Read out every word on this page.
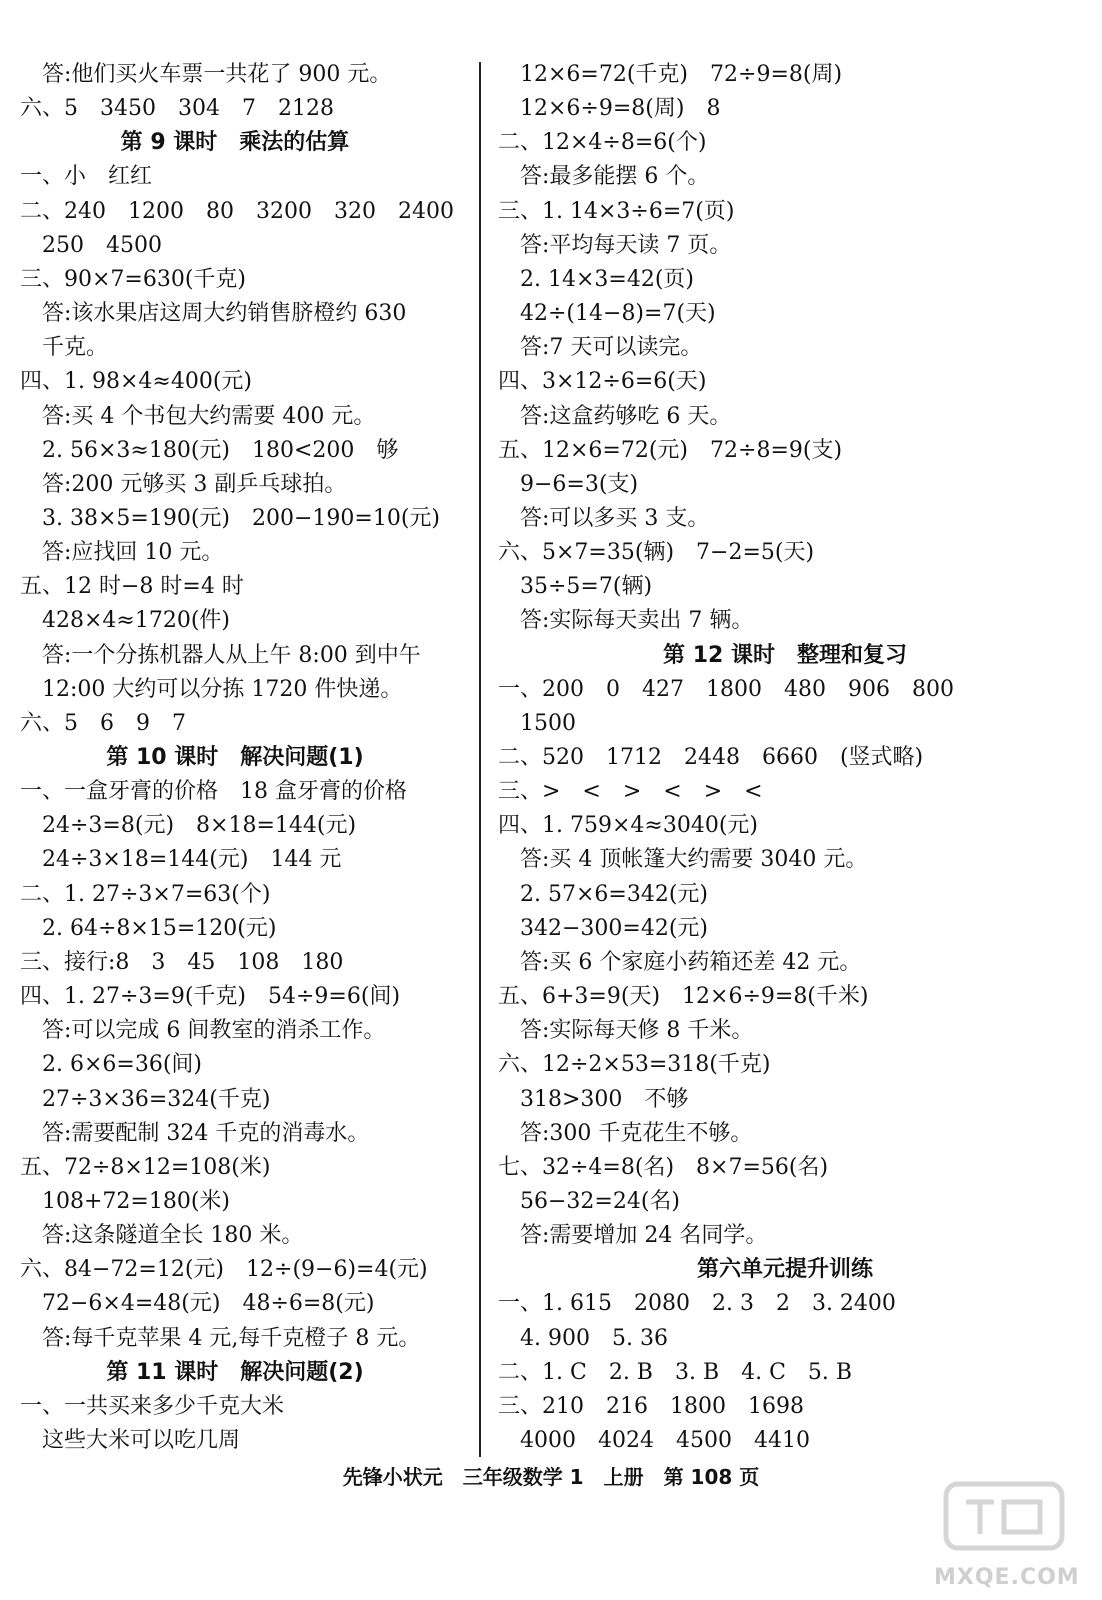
　答:他们买火车票一共花了 900 元。
六、5　3450　304　7　2128
第 9 课时　乘法的估算
一、小　红红
二、240　1200　80　3200　320　2400
　250　4500
三、90×7=630(千克)
　答:该水果店这周大约销售脐橙约 630
　千克。
四、1. 98×4≈400(元)
　答:买 4 个书包大约需要 400 元。
　2. 56×3≈180(元)　180<200　够
　答:200 元够买 3 副乒乓球拍。
　3. 38×5=190(元)　200−190=10(元)
　答:应找回 10 元。
五、12 时−8 时=4 时
　428×4≈1720(件)
　答:一个分拣机器人从上午 8:00 到中午
　12:00 大约可以分拣 1720 件快递。
六、5　6　9　7
第 10 课时　解决问题(1)
一、一盒牙膏的价格　18 盒牙膏的价格
　24÷3=8(元)　8×18=144(元)
　24÷3×18=144(元)　144 元
二、1. 27÷3×7=63(个)
　2. 64÷8×15=120(元)
三、接行:8　3　45　108　180
四、1. 27÷3=9(千克)　54÷9=6(间)
　答:可以完成 6 间教室的消杀工作。
　2. 6×6=36(间)
　27÷3×36=324(千克)
　答:需要配制 324 千克的消毒水。
五、72÷8×12=108(米)
　108+72=180(米)
　答:这条隧道全长 180 米。
六、84−72=12(元)　12÷(9−6)=4(元)
　72−6×4=48(元)　48÷6=8(元)
　答:每千克苹果 4 元,每千克橙子 8 元。
第 11 课时　解决问题(2)
一、一共买来多少千克大米
　这些大米可以吃几周
　12×6=72(千克)　72÷9=8(周)
　12×6÷9=8(周)　8
二、12×4÷8=6(个)
　答:最多能摆 6 个。
三、1. 14×3÷6=7(页)
　答:平均每天读 7 页。
　2. 14×3=42(页)
　42÷(14−8)=7(天)
　答:7 天可以读完。
四、3×12÷6=6(天)
　答:这盒药够吃 6 天。
五、12×6=72(元)　72÷8=9(支)
　9−6=3(支)
　答:可以多买 3 支。
六、5×7=35(辆)　7−2=5(天)
　35÷5=7(辆)
　答:实际每天卖出 7 辆。
第 12 课时　整理和复习
一、200　0　427　1800　480　906　800
　1500
二、520　1712　2448　6660　(竖式略)
三、>　<　>　<　>　<
四、1. 759×4≈3040(元)
　答:买 4 顶帐篷大约需要 3040 元。
　2. 57×6=342(元)
　342−300=42(元)
　答:买 6 个家庭小药箱还差 42 元。
五、6+3=9(天)　12×6÷9=8(千米)
　答:实际每天修 8 千米。
六、12÷2×53=318(千克)
　318>300　不够
　答:300 千克花生不够。
七、32÷4=8(名)　8×7=56(名)
　56−32=24(名)
　答:需要增加 24 名同学。
第六单元提升训练
一、1. 615　2080　2. 3　2　3. 2400
　4. 900　5. 36
二、1. C　2. B　3. B　4. C　5. B
三、210　216　1800　1698
　4000　4024　4500　4410
先锋小状元　三年级数学 1　上册　第 108 页
MXQE.COM
